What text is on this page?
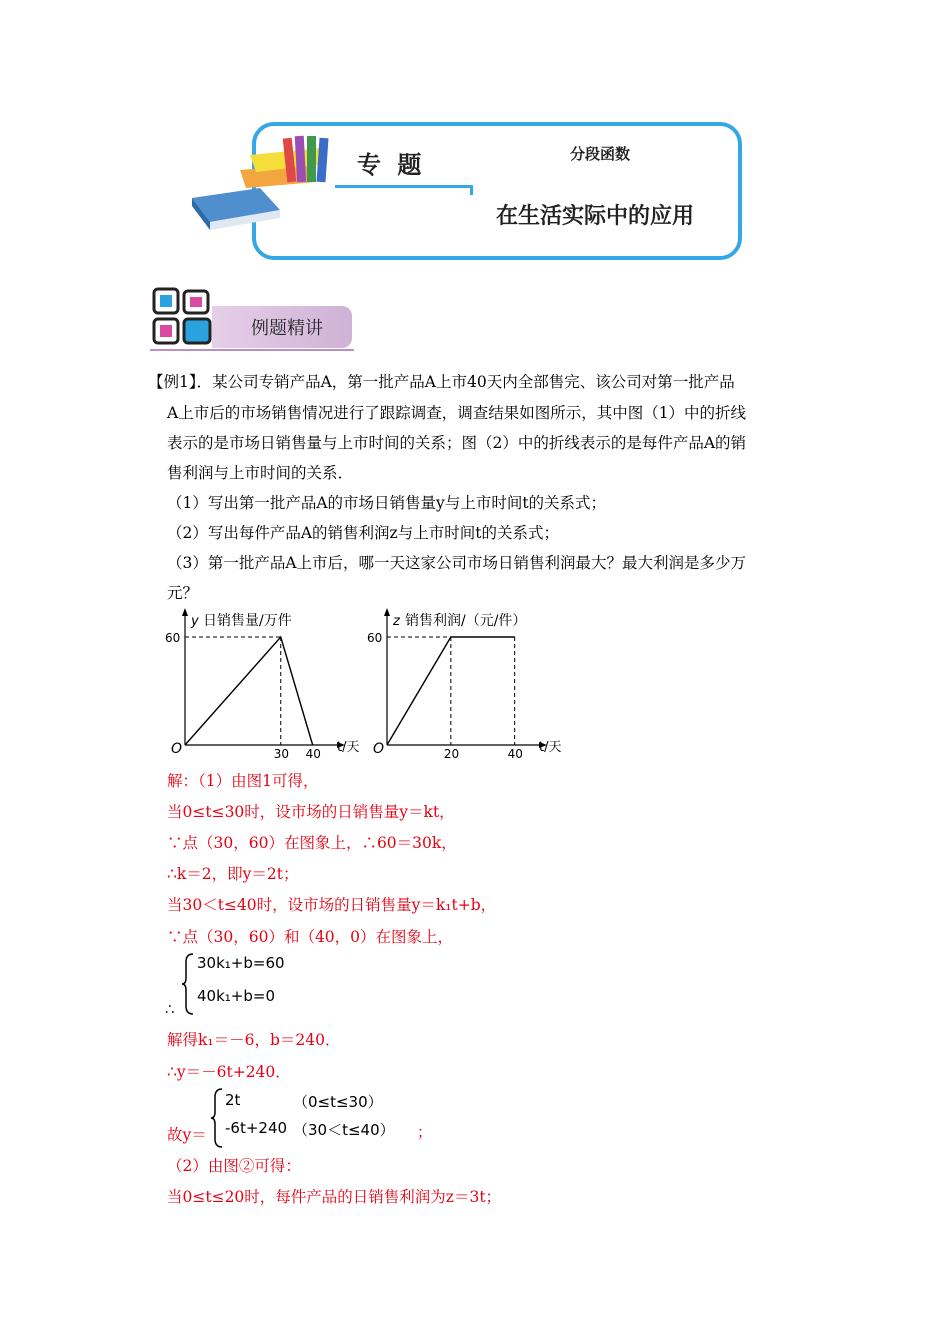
专 题	分段函数
在生活实际中的应用
例题精讲
【例1】．某公司专销产品A，第一批产品A上市40天内全部售完、该公司对第一批产品
A上市后的市场销售情况进行了跟踪调查，调查结果如图所示，其中图（1）中的折线
表示的是市场日销售量与上市时间的关系；图（2）中的折线表示的是每件产品A的销
售利润与上市时间的关系．
（1）写出第一批产品A的市场日销售量y与上市时间t的关系式；
（2）写出每件产品A的销售利润z与上市时间t的关系式；
（3）第一批产品A上市后，哪一天这家公司市场日销售利润最大？最大利润是多少万
元？
y 日销售量/万件
t/天
O
60
30 40
z 销售利润/（元/件）
t/天
O
60
20	40
解：（1）由图1可得，
当0≤t≤30时，设市场的日销售量y＝kt，
∵点（30，60）在图象上，∴60＝30k，
∴k＝2，即y＝2t；
当30＜t≤40时，设市场的日销售量y＝k₁t+b，
∵点（30，60）和（40，0）在图象上，
30k₁+b=60
40k₁+b=0
∴
解得k₁＝－6，b＝240．
∴y＝－6t+240．
故y＝
2t	（0≤t≤30）
-6t+240 （30＜t≤40） ；
（2）由图②可得：
当0≤t≤20时，每件产品的日销售利润为z＝3t；
